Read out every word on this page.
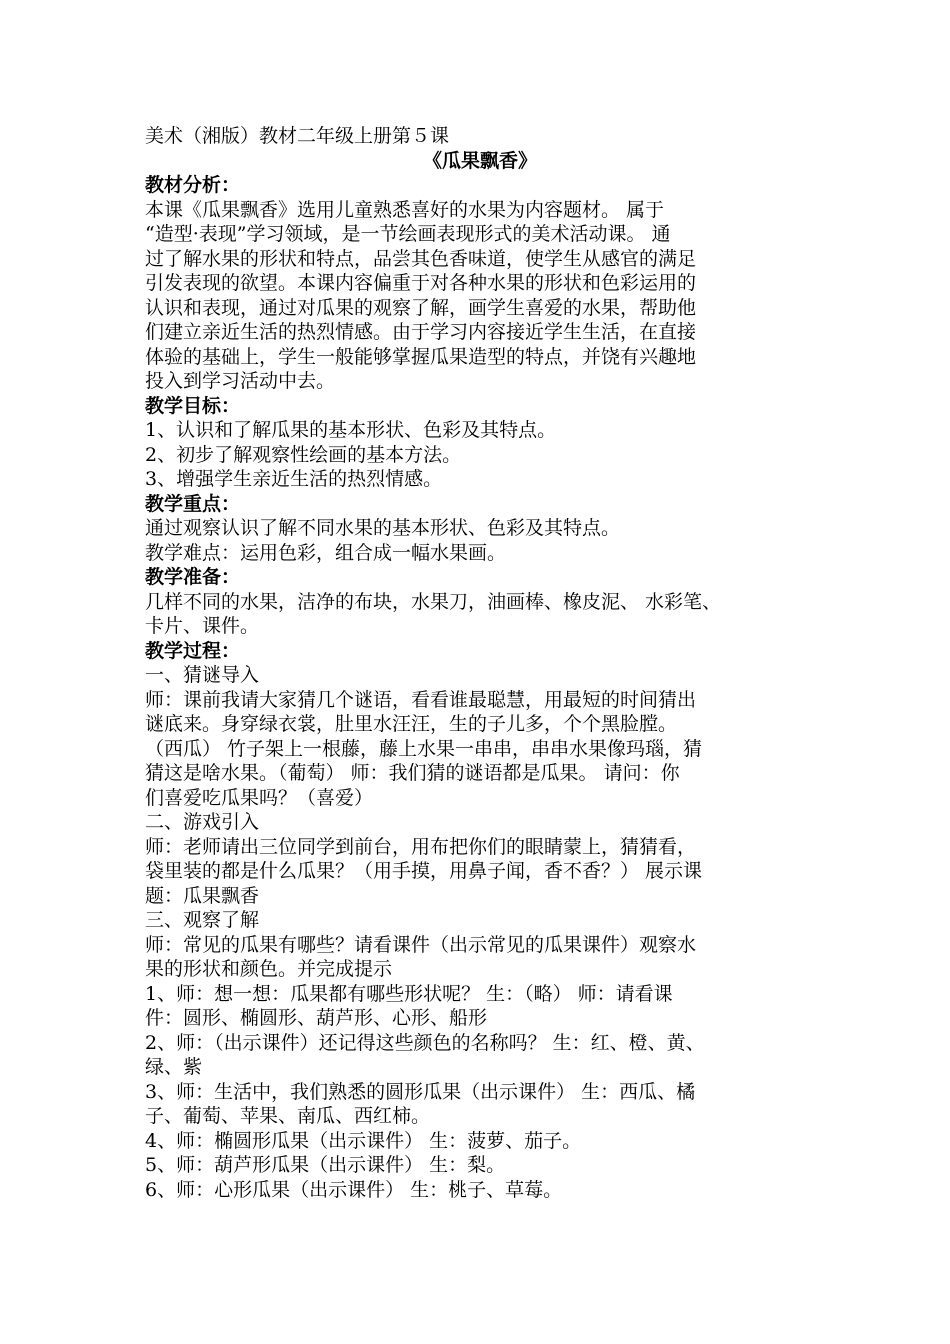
美术（湘版）教材二年级上册第５课
《瓜果飘香》
教材分析：
本课《瓜果飘香》选用儿童熟悉喜好的水果为内容题材。 属于
“造型·表现”学习领域，是一节绘画表现形式的美术活动课。 通
过了解水果的形状和特点，品尝其色香味道，使学生从感官的满足
引发表现的欲望。本课内容偏重于对各种水果的形状和色彩运用的
认识和表现，通过对瓜果的观察了解，画学生喜爱的水果，帮助他
们建立亲近生活的热烈情感。由于学习内容接近学生生活，在直接
体验的基础上，学生一般能够掌握瓜果造型的特点，并饶有兴趣地
投入到学习活动中去。
教学目标：
1、认识和了解瓜果的基本形状、色彩及其特点。
2、初步了解观察性绘画的基本方法。
3、增强学生亲近生活的热烈情感。
教学重点：
通过观察认识了解不同水果的基本形状、色彩及其特点。
教学难点：运用色彩，组合成一幅水果画。
教学准备：
几样不同的水果，洁净的布块，水果刀，油画棒、橡皮泥、 水彩笔、
卡片、课件。
教学过程：
一、猜谜导入
师：课前我请大家猜几个谜语，看看谁最聪慧，用最短的时间猜出
谜底来。身穿绿衣裳，肚里水汪汪，生的子儿多，个个黑脸膛。
（西瓜） 竹子架上一根藤，藤上水果一串串，串串水果像玛瑙，猜
猜这是啥水果。（葡萄） 师：我们猜的谜语都是瓜果。 请问：你
们喜爱吃瓜果吗？（喜爱）
二、游戏引入
师：老师请出三位同学到前台，用布把你们的眼睛蒙上，猜猜看，
袋里装的都是什么瓜果？（用手摸，用鼻子闻，香不香？） 展示课
题：瓜果飘香
三、观察了解
师：常见的瓜果有哪些？请看课件（出示常见的瓜果课件）观察水
果的形状和颜色。并完成提示
1、师：想一想：瓜果都有哪些形状呢？ 生：（略） 师：请看课
件：圆形、椭圆形、葫芦形、心形、船形
2、师：（出示课件）还记得这些颜色的名称吗？ 生：红、橙、黄、
绿、紫
3、师：生活中，我们熟悉的圆形瓜果（出示课件） 生：西瓜、橘
子、葡萄、苹果、南瓜、西红柿。
4、师：椭圆形瓜果（出示课件） 生：菠萝、茄子。
5、师：葫芦形瓜果（出示课件） 生：梨。
6、师：心形瓜果（出示课件） 生：桃子、草莓。
